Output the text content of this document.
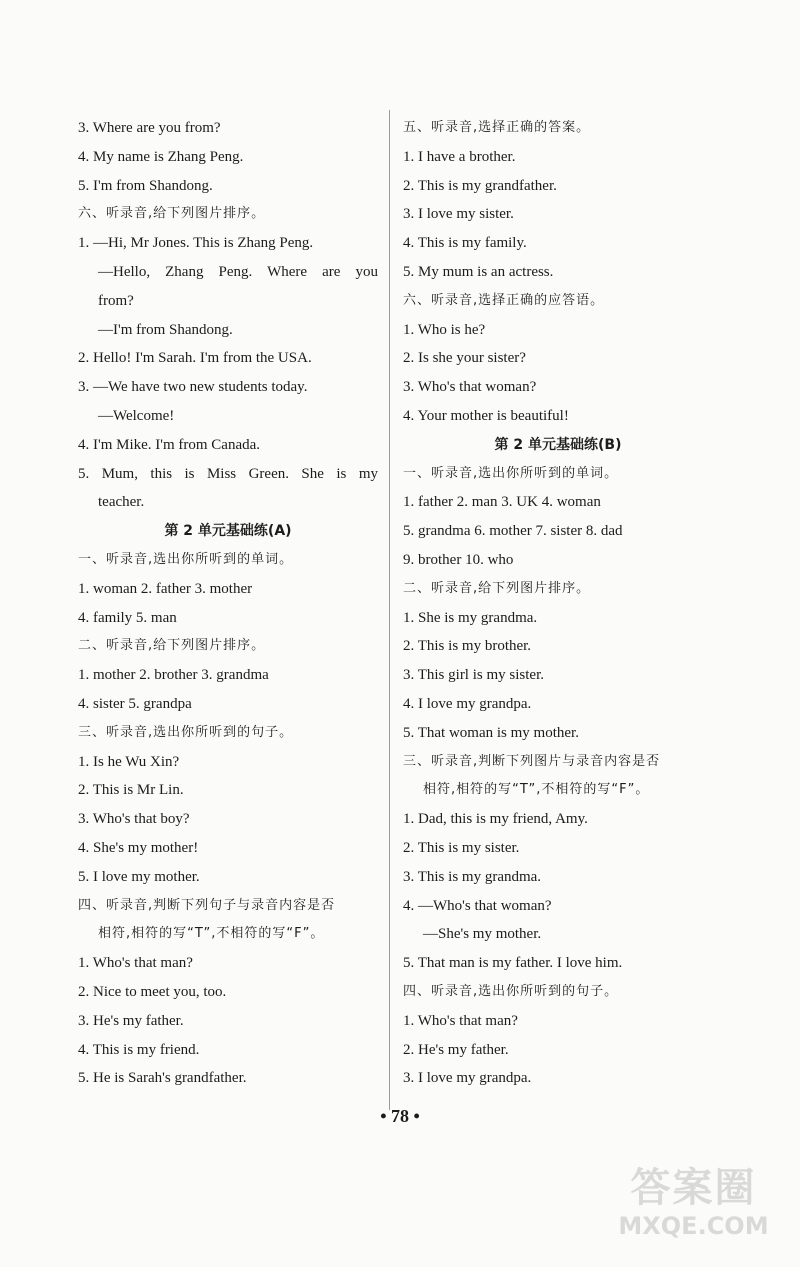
3. Where are you from?
4. My name is Zhang Peng.
5. I'm from Shandong.
六、听录音,给下列图片排序。
1. —Hi, Mr Jones. This is Zhang Peng.
—Hello, Zhang Peng. Where are you
from?
—I'm from Shandong.
2. Hello! I'm Sarah. I'm from the USA.
3. —We have two new students today.
—Welcome!
4. I'm Mike. I'm from Canada.
5. Mum, this is Miss Green. She is my
teacher.
第 2 单元基础练(A)
一、听录音,选出你所听到的单词。
1. woman 2. father 3. mother
4. family 5. man
二、听录音,给下列图片排序。
1. mother 2. brother 3. grandma
4. sister 5. grandpa
三、听录音,选出你所听到的句子。
1. Is he Wu Xin?
2. This is Mr Lin.
3. Who's that boy?
4. She's my mother!
5. I love my mother.
四、听录音,判断下列句子与录音内容是否
相符,相符的写“T”,不相符的写“F”。
1. Who's that man?
2. Nice to meet you, too.
3. He's my father.
4. This is my friend.
5. He is Sarah's grandfather.
五、听录音,选择正确的答案。
1. I have a brother.
2. This is my grandfather.
3. I love my sister.
4. This is my family.
5. My mum is an actress.
六、听录音,选择正确的应答语。
1. Who is he?
2. Is she your sister?
3. Who's that woman?
4. Your mother is beautiful!
第 2 单元基础练(B)
一、听录音,选出你所听到的单词。
1. father 2. man 3. UK 4. woman
5. grandma 6. mother 7. sister 8. dad
9. brother 10. who
二、听录音,给下列图片排序。
1. She is my grandma.
2. This is my brother.
3. This girl is my sister.
4. I love my grandpa.
5. That woman is my mother.
三、听录音,判断下列图片与录音内容是否
相符,相符的写“T”,不相符的写“F”。
1. Dad, this is my friend, Amy.
2. This is my sister.
3. This is my grandma.
4. —Who's that woman?
—She's my mother.
5. That man is my father. I love him.
四、听录音,选出你所听到的句子。
1. Who's that man?
2. He's my father.
3. I love my grandpa.
• 78 •
答案圈
MXQE.COM
